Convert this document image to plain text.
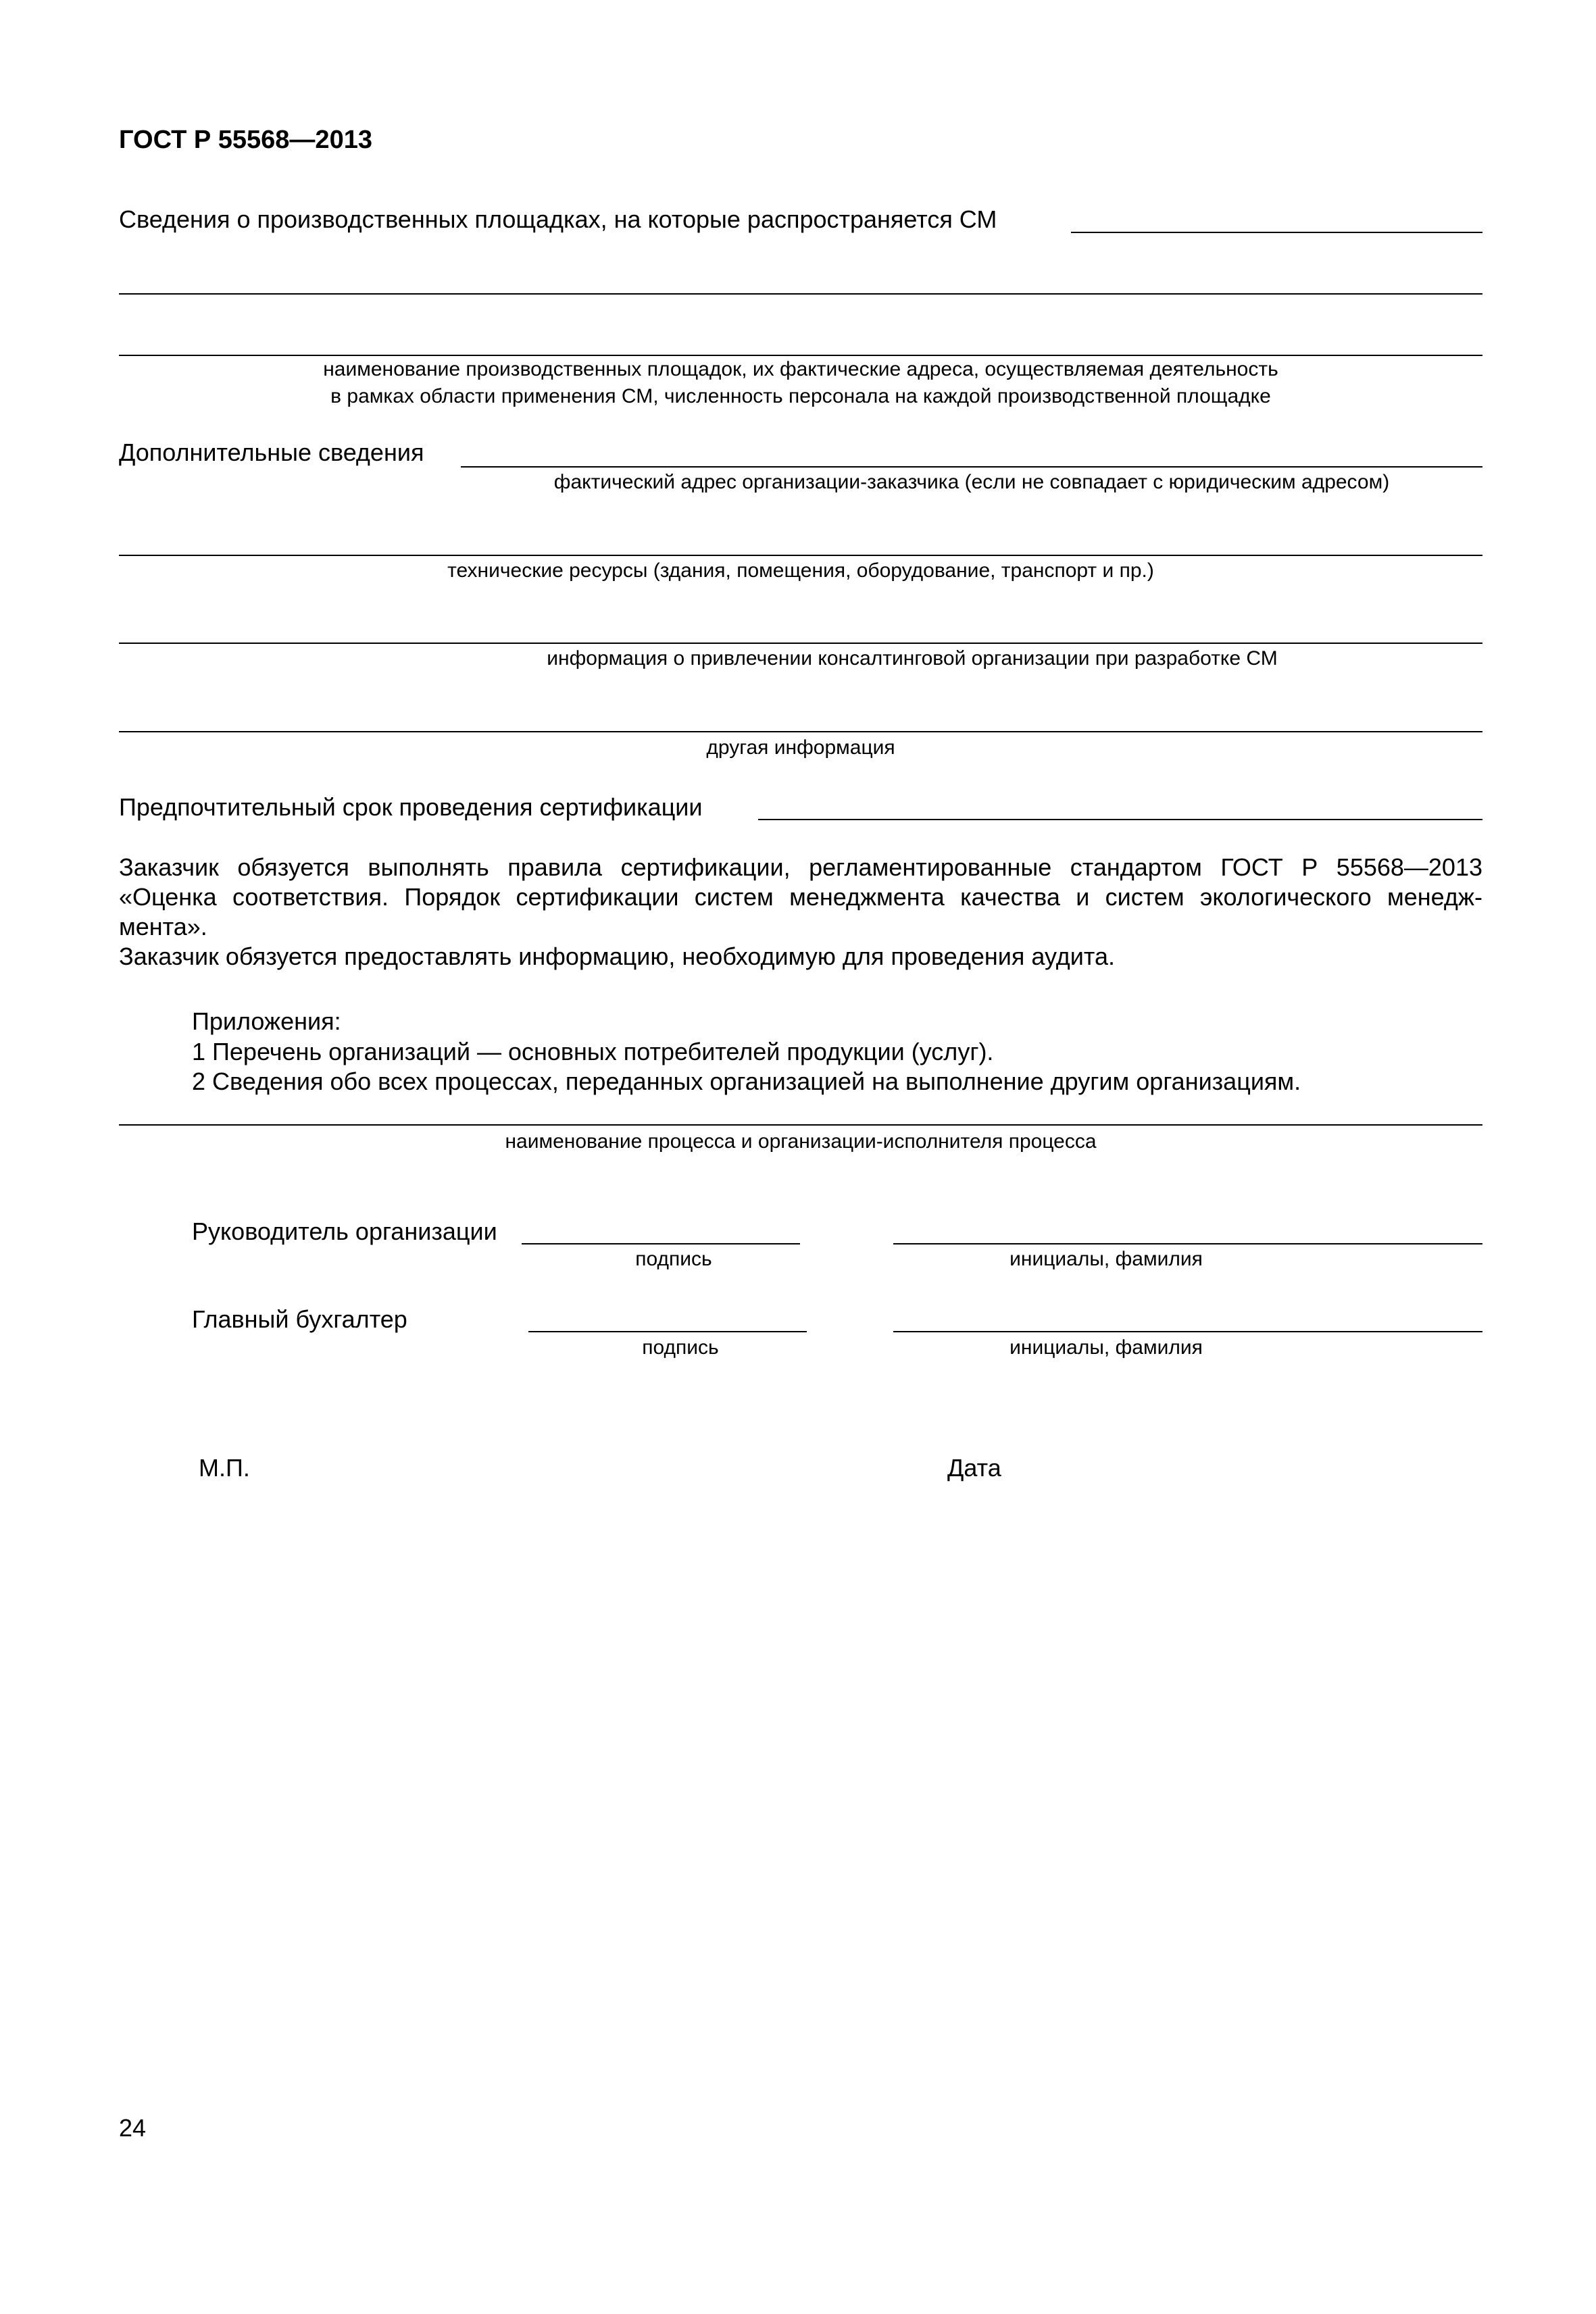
ГОСТ Р 55568—2013
Сведения о производственных площадках, на которые распространяется СМ
наименование производственных площадок, их фактические адреса, осуществляемая деятельность
в рамках области применения СМ, численность персонала на каждой производственной площадке
Дополнительные сведения
фактический адрес организации-заказчика (если не совпадает с юридическим адресом)
технические ресурсы (здания, помещения, оборудование, транспорт и пр.)
информация о привлечении консалтинговой организации при разработке СМ
другая информация
Предпочтительный срок проведения сертификации
Заказчик обязуется выполнять правила сертификации, регламентированные стандартом ГОСТ Р 55568—2013
«Оценка соответствия. Порядок сертификации систем менеджмента качества и систем экологического менедж-
мента».
Заказчик обязуется предоставлять информацию, необходимую для проведения аудита.
Приложения:
1 Перечень организаций — основных потребителей продукции (услуг).
2 Сведения обо всех процессах, переданных организацией на выполнение другим организациям.
наименование процесса и организации-исполнителя процесса
Руководитель организации
подпись	инициалы, фамилия
Главный бухгалтер
подпись	инициалы, фамилия
М.П.	Дата
24
